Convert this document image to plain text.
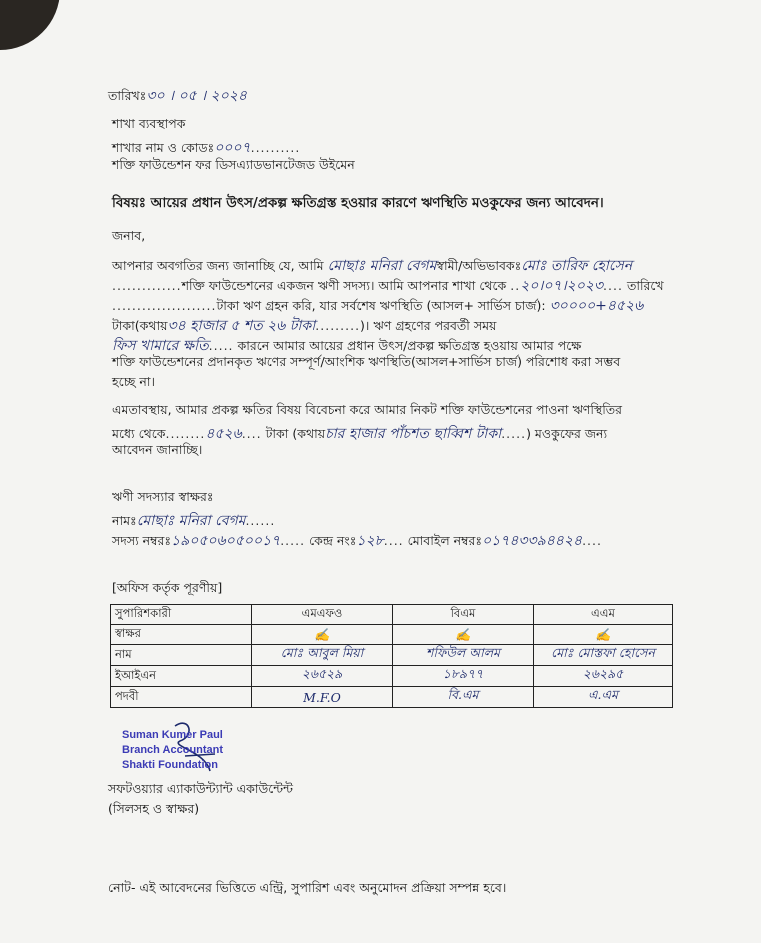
তারিখঃ৩০ । ০৫ । ২০২৪
শাখা ব্যবস্থাপক
শাখার নাম ও কোডঃ০০০৭..........
শক্তি ফাউন্ডেশন ফর ডিসএ্যাডভানটেজড উইমেন
বিষয়ঃ আয়ের প্রধান উৎস/প্রকল্প ক্ষতিগ্রস্ত হওয়ার কারণে ঋণস্থিতি মওকুফের জন্য আবেদন।
জনাব,
আপনার অবগতির জন্য জানাচ্ছি যে, আমি মোছাঃ মনিরা বেগমস্বামী/অভিভাবকঃমোঃ তারিফ হোসেন
..............শক্তি ফাউন্ডেশনের একজন ঋণী সদস্য। আমি আপনার শাখা থেকে ..২০।০৭।২০২৩.... তারিখে
.....................টাকা ঋণ গ্রহন করি, যার সর্বশেষ ঋণস্থিতি (আসল+ সার্ভিস চার্জ): ৩০০০০+৪৫২৬
টাকা(কথায়৩৪ হাজার ৫ শত ২৬ টাকা.........)। ঋণ গ্রহণের পরবর্তী সময়
ফিস খামারে ক্ষতি..... কারনে আমার আয়ের প্রধান উৎস/প্রকল্প ক্ষতিগ্রস্ত হওয়ায় আমার পক্ষে
শক্তি ফাউন্ডেশনের প্রদানকৃত ঋণের সম্পূর্ণ/আংশিক ঋণস্থিতি(আসল+সার্ভিস চার্জ) পরিশোধ করা সম্ভব
হচ্ছে না।
এমতাবস্থায়, আমার প্রকল্প ক্ষতির বিষয় বিবেচনা করে আমার নিকট শক্তি ফাউন্ডেশনের পাওনা ঋণস্থিতির
মধ্যে থেকে........৪৫২৬.... টাকা (কথায়চার হাজার পাঁচশত ছাব্বিশ টাকা.....) মওকুফের জন্য
আবেদন জানাচ্ছি।
ঋণী সদস্যার স্বাক্ষরঃ
নামঃমোছাঃ মনিরা বেগম......
সদস্য নম্বরঃ১৯০৫০৬০৫০০১৭..... কেন্দ্র নংঃ১২৮.... মোবাইল নম্বরঃ০১৭৪৩৩৯৪৪২৪....
[অফিস কর্তৃক পূরণীয়]
সুপারিশকারী	এমএফও	বিএম	এএম
স্বাক্ষর	✍	✍	✍
নাম	মোঃ আবুল মিয়া	শফিউল আলম	মোঃ মোস্তফা হোসেন
ইআইএন	২৬৫২৯	১৮৯৭৭	২৬২৯৫
পদবী	M.F.O	বি.এম	এ.এম
Suman Kumer Paul
Branch Accountant
Shakti Foundation
সফটওয়্যার এ্যাকাউন্ট্যান্ট একাউন্টেন্ট
(সিলসহ ও স্বাক্ষর)
নোট- এই আবেদনের ভিত্তিতে এন্ট্রি, সুপারিশ এবং অনুমোদন প্রক্রিয়া সম্পন্ন হবে।
